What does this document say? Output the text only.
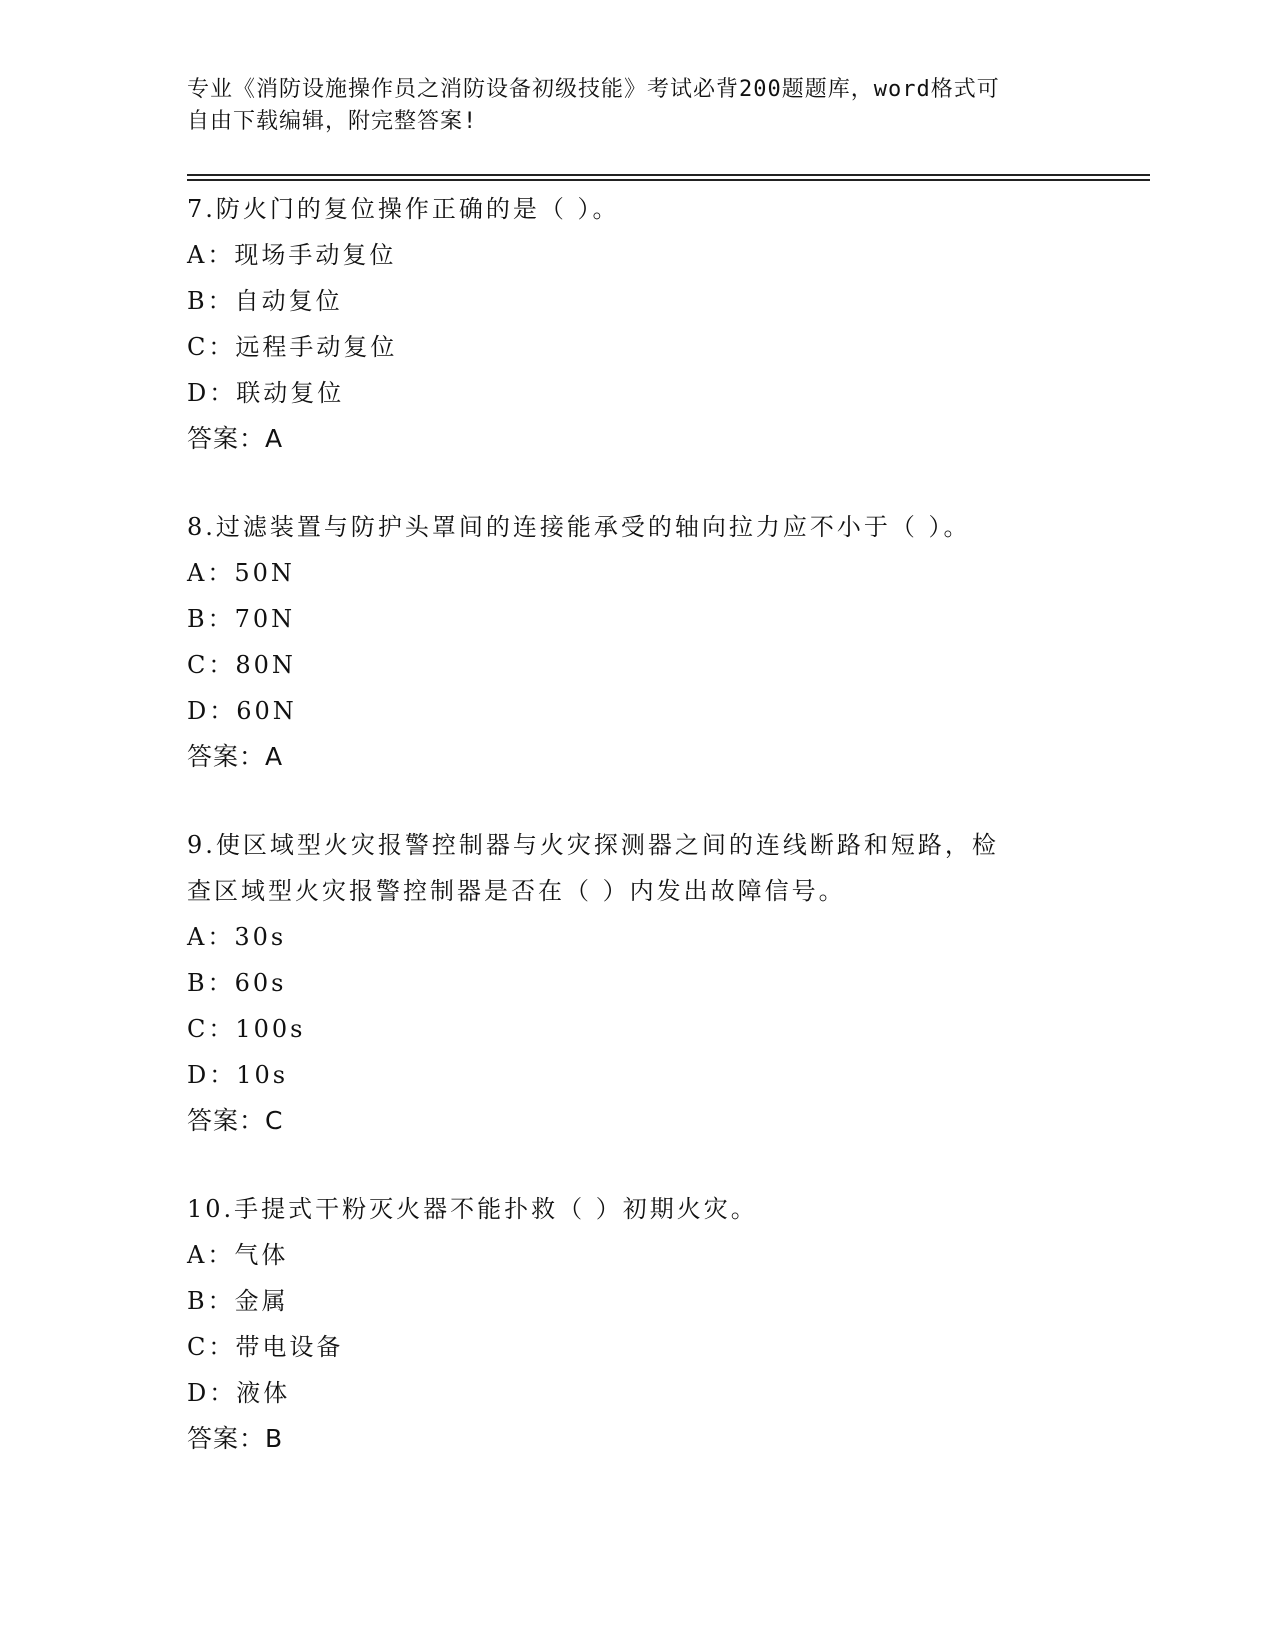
专业《消防设施操作员之消防设备初级技能》考试必背200题题库，word格式可
自由下载编辑，附完整答案!
7.防火门的复位操作正确的是（ ）。
A：现场手动复位
B：自动复位
C：远程手动复位
D：联动复位
答案：A
8.过滤装置与防护头罩间的连接能承受的轴向拉力应不小于（ ）。
A：50N
B：70N
C：80N
D：60N
答案：A
9.使区域型火灾报警控制器与火灾探测器之间的连线断路和短路，检
查区域型火灾报警控制器是否在（ ）内发出故障信号。
A：30s
B：60s
C：100s
D：10s
答案：C
10.手提式干粉灭火器不能扑救（ ）初期火灾。
A：气体
B：金属
C：带电设备
D：液体
答案：B
